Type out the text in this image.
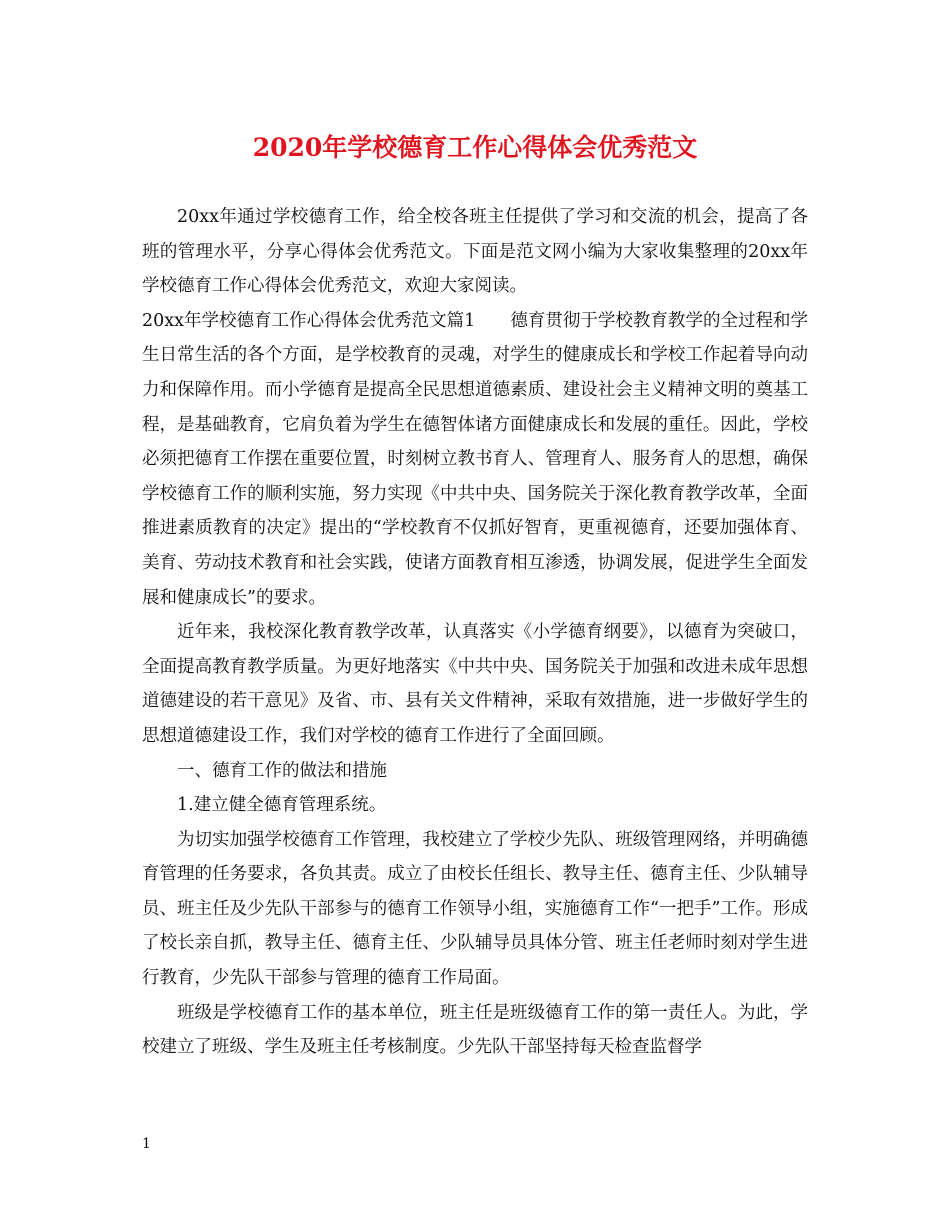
2020年学校德育工作心得体会优秀范文

20xx年通过学校德育工作，给全校各班主任提供了学习和交流的机会，提高了各班的管理水平，分享心得体会优秀范文。下面是范文网小编为大家收集整理的20xx年学校德育工作心得体会优秀范文，欢迎大家阅读。

20xx年学校德育工作心得体会优秀范文篇1　　德育贯彻于学校教育教学的全过程和学生日常生活的各个方面，是学校教育的灵魂，对学生的健康成长和学校工作起着导向动力和保障作用。而小学德育是提高全民思想道德素质、建设社会主义精神文明的奠基工程，是基础教育，它肩负着为学生在德智体诸方面健康成长和发展的重任。因此，学校必须把德育工作摆在重要位置，时刻树立教书育人、管理育人、服务育人的思想，确保学校德育工作的顺利实施，努力实现《中共中央、国务院关于深化教育教学改革，全面推进素质教育的决定》提出的“学校教育不仅抓好智育，更重视德育，还要加强体育、美育、劳动技术教育和社会实践，使诸方面教育相互渗透，协调发展，促进学生全面发展和健康成长”的要求。

近年来，我校深化教育教学改革，认真落实《小学德育纲要》，以德育为突破口，全面提高教育教学质量。为更好地落实《中共中央、国务院关于加强和改进未成年思想道德建设的若干意见》及省、市、县有关文件精神，采取有效措施，进一步做好学生的思想道德建设工作，我们对学校的德育工作进行了全面回顾。

一、德育工作的做法和措施

1.建立健全德育管理系统。

为切实加强学校德育工作管理，我校建立了学校少先队、班级管理网络，并明确德育管理的任务要求，各负其责。成立了由校长任组长、教导主任、德育主任、少队辅导员、班主任及少先队干部参与的德育工作领导小组，实施德育工作“一把手”工作。形成了校长亲自抓，教导主任、德育主任、少队辅导员具体分管、班主任老师时刻对学生进行教育，少先队干部参与管理的德育工作局面。

班级是学校德育工作的基本单位，班主任是班级德育工作的第一责任人。为此，学校建立了班级、学生及班主任考核制度。少先队干部坚持每天检查监督学

1
